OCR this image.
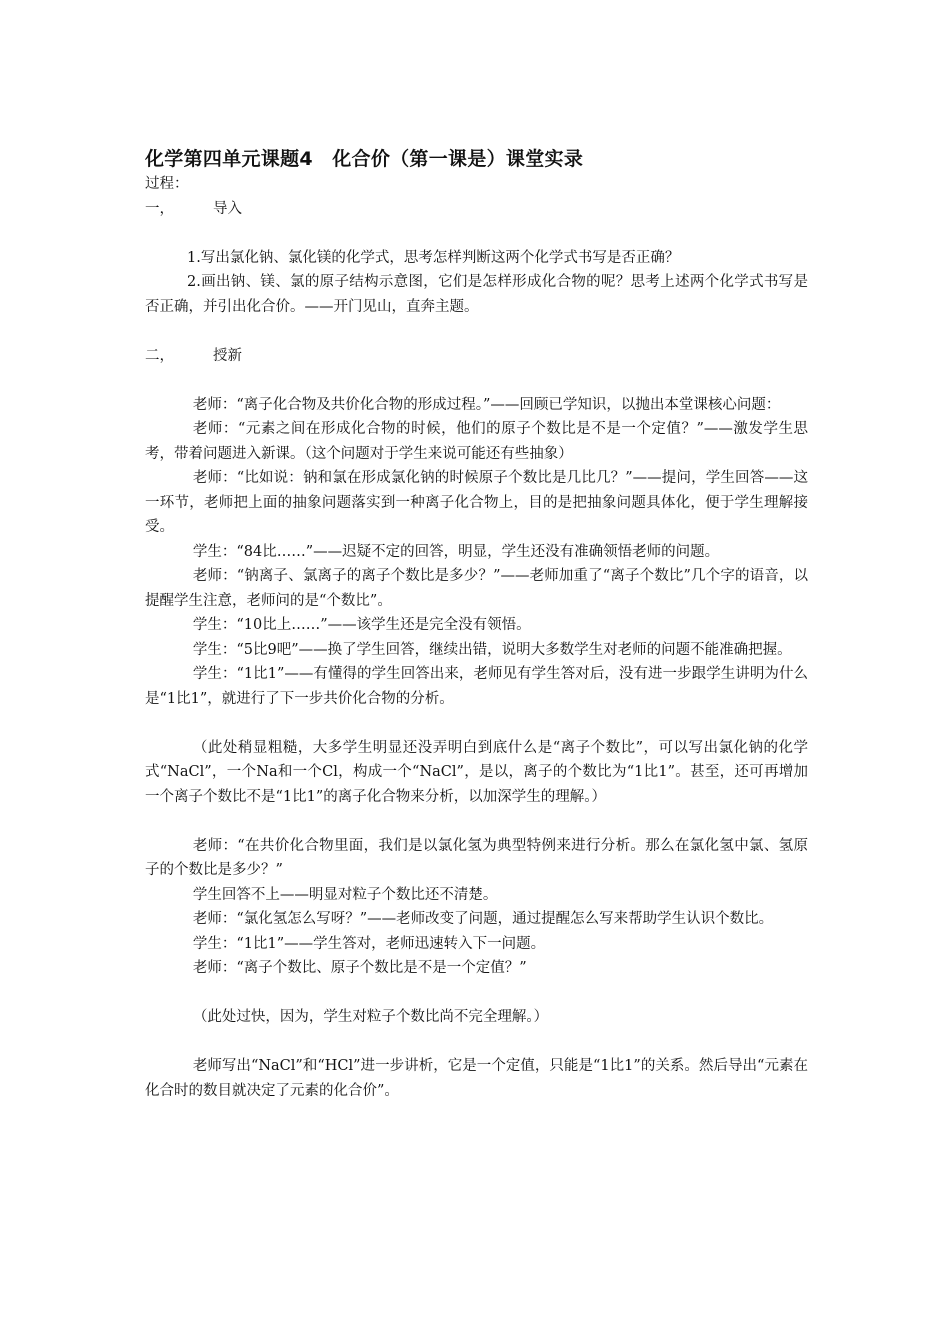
化学第四单元课题4　化合价（第一课是）课堂实录

过程：

一，	导入

1.写出氯化钠、氯化镁的化学式，思考怎样判断这两个化学式书写是否正确？

2.画出钠、镁、氯的原子结构示意图，它们是怎样形成化合物的呢？思考上述两个化学式书写是否正确，并引出化合价。——开门见山，直奔主题。

二，	授新

老师：“离子化合物及共价化合物的形成过程。”——回顾已学知识，以抛出本堂课核心问题：

老师：“元素之间在形成化合物的时候，他们的原子个数比是不是一个定值？”——激发学生思考，带着问题进入新课。（这个问题对于学生来说可能还有些抽象）

老师：“比如说：钠和氯在形成氯化钠的时候原子个数比是几比几？”——提问，学生回答——这一环节，老师把上面的抽象问题落实到一种离子化合物上，目的是把抽象问题具体化，便于学生理解接受。

学生：“84比……”——迟疑不定的回答，明显，学生还没有准确领悟老师的问题。

老师：“钠离子、氯离子的离子个数比是多少？”——老师加重了“离子个数比”几个字的语音，以提醒学生注意，老师问的是“个数比”。

学生：“10比上……”——该学生还是完全没有领悟。

学生：“5比9吧”——换了学生回答，继续出错，说明大多数学生对老师的问题不能准确把握。

学生：“1比1”——有懂得的学生回答出来，老师见有学生答对后，没有进一步跟学生讲明为什么是“1比1”，就进行了下一步共价化合物的分析。

（此处稍显粗糙，大多学生明显还没弄明白到底什么是“离子个数比”，可以写出氯化钠的化学式“NaCl”，一个Na和一个Cl，构成一个“NaCl”，是以，离子的个数比为“1比1”。甚至，还可再增加一个离子个数比不是“1比1”的离子化合物来分析，以加深学生的理解。）

老师：“在共价化合物里面，我们是以氯化氢为典型特例来进行分析。那么在氯化氢中氯、氢原子的个数比是多少？”

学生回答不上——明显对粒子个数比还不清楚。

老师：“氯化氢怎么写呀？”——老师改变了问题，通过提醒怎么写来帮助学生认识个数比。

学生：“1比1”——学生答对，老师迅速转入下一问题。

老师：“离子个数比、原子个数比是不是一个定值？”

（此处过快，因为，学生对粒子个数比尚不完全理解。）

老师写出“NaCl”和“HCl”进一步讲析，它是一个定值，只能是“1比1”的关系。然后导出“元素在化合时的数目就决定了元素的化合价”。
